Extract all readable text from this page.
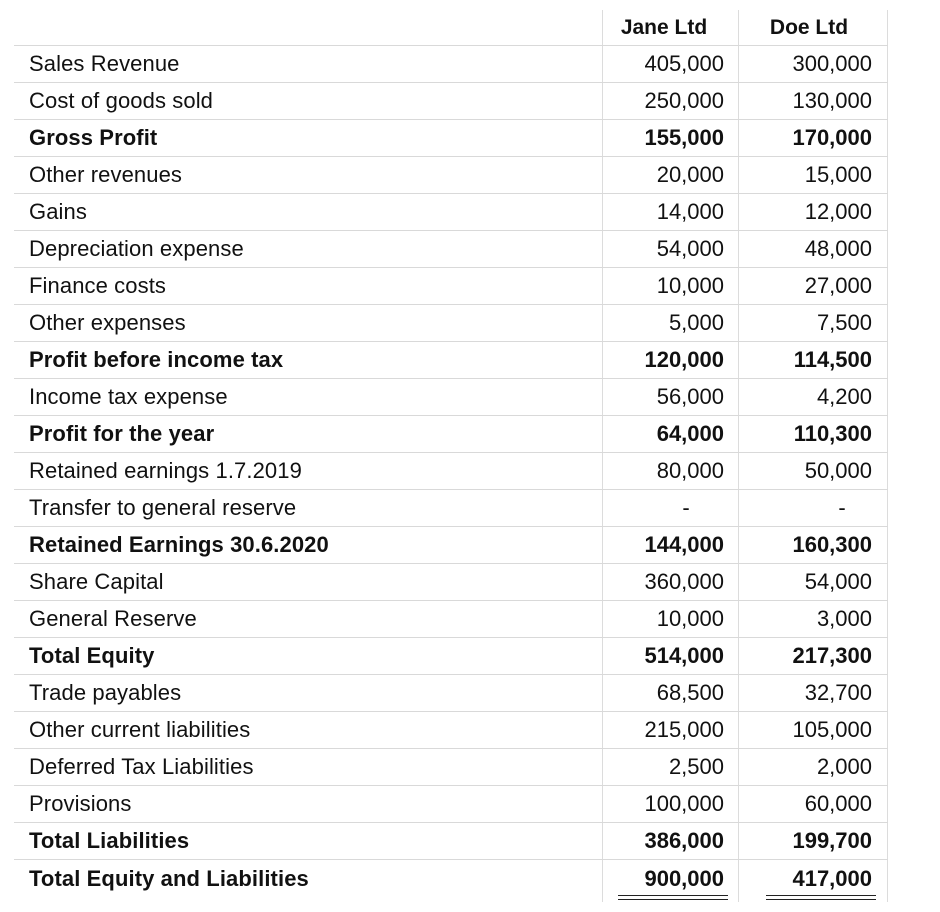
Jane Ltd	Doe Ltd
Sales Revenue	405,000	300,000
Cost of goods sold	250,000	130,000
Gross Profit	155,000	170,000
Other revenues	20,000	15,000
Gains	14,000	12,000
Depreciation expense	54,000	48,000
Finance costs	10,000	27,000
Other expenses	5,000	7,500
Profit before income tax	120,000	114,500
Income tax expense	56,000	4,200
Profit for the year	64,000	110,300
Retained earnings 1.7.2019	80,000	50,000
Transfer to general reserve	-	-
Retained Earnings 30.6.2020	144,000	160,300
Share Capital	360,000	54,000
General Reserve	10,000	3,000
Total Equity	514,000	217,300
Trade payables	68,500	32,700
Other current liabilities	215,000	105,000
Deferred Tax Liabilities	2,500	2,000
Provisions	100,000	60,000
Total Liabilities	386,000	199,700
Total Equity and Liabilities	900,000	417,000
